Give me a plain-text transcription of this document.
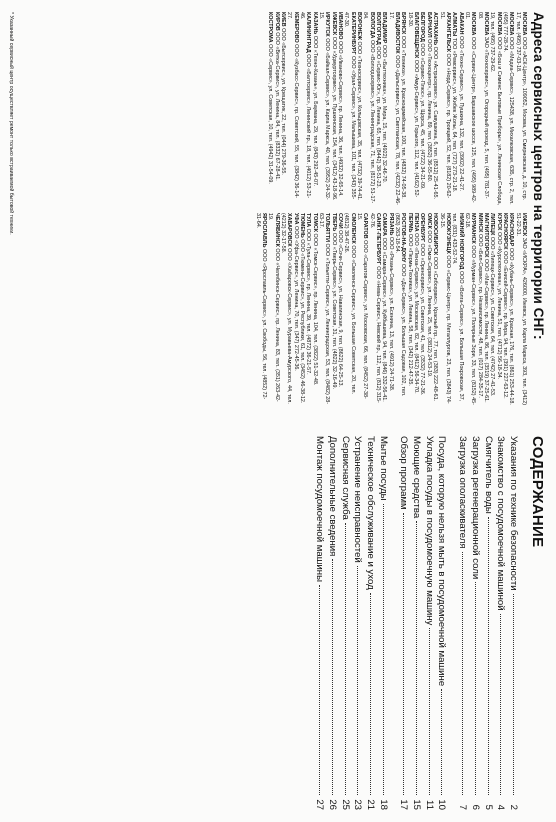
Адреса сервисных центров на территории СНГ:

МОСКВА ООО «АСК-Центр», 109052, Москва, ул. Смирновская, д. 10, стр. 17, тел. (495) 737-03-18.

МОСКВА ООО «Медиа-Сервис», 125438, ул. Михалковская, 63Б, стр. 2, тел. (495) 777-28-74.

МОСКВА ООО «Бош и Сименс Бытовые Приборы», ул. Ленинская Слобода, 19, тел. (495) 737-29-62.

МОСКВА ЗАО «Техносервис», ул. Огородный проезд, 5, тел. (495) 781-37-08.

МОСКВА ООО «Сервис-Центр», Варшавское шоссе, 125, тел. (495) 989-42-01.

АБАКАН ООО «Техно-Сервис», ул. Пушкина, 132, тел. (3902) 22-41-27.

АЛМАТЫ ТОО «Ремсервис», ул. Жибек Жолы, 64, тел. (727) 273-21-18.

АРХАНГЕЛЬСК ООО «Норд-Сервис», пр. Троицкий, 52, тел. (8182) 20-62-51.

АСТРАХАНЬ ООО «Астрасервис», ул. Савушкина, 6, тел. (8512) 25-41-65.

БАРНАУЛ ООО «Техноцентр», пр. Ленина, 89, тел. (3852) 36-55-80.

БЕЛГОРОД ООО «Сервис-Плюс», ул. Щорса, 45, тел. (4722) 34-21-09.

БЛАГОВЕЩЕНСК ООО «Амур-Сервис», ул. Горького, 112, тел. (4162) 52-18-30.

БРЯНСК ООО «Техника», ул. Красноармейская, 100, тел. (4832) 74-05-38.

ВЛАДИВОСТОК ООО «Дальсервис», ул. Светланская, 78, тел. (4232) 22-46-17.

ВЛАДИМИР ООО «Быттехника», ул. Мира, 15, тел. (4922) 32-46-70.

ВОЛГОГРАД ООО «Сервис-Юг», пр. Ленина, 65, тел. (8442) 38-51-23.

ВОЛОГДА ООО «Вологдасервис», ул. Ленинградская, 71, тел. (8172) 51-17-84.

ВОРОНЕЖ ООО «Техносервис», ул. Кольцовская, 35, тел. (4732) 39-74-41.

ЕКАТЕРИНБУРГ ООО «Урал-Сервис», ул. Малышева, 101, тел. (343) 355-47-30.

ИВАНОВО ООО «Иваново-Сервис», пр. Ленина, 36, тел. (4932) 32-65-14.

ИЖЕВСК ООО «Удмуртсервис», ул. Пушкинская, 154, тел. (3412) 43-18-96.

ИРКУТСК ООО «Байкал-Сервис», ул. Карла Маркса, 40, тел. (3952) 24-32-15.

КАЗАНЬ ООО «Техно-Казань», ул. Баумана, 29, тел. (843) 292-45-07.

КАЛИНИНГРАД ООО «Балтсервис», Ленинский пр., 18, тел. (4012) 53-21-46.

КЕМЕРОВО ООО «Кузбасс-Сервис», пр. Советский, 55, тел. (3842) 36-14-27.

КИЕВ ООО «Бытсервис», ул. Крещатик, 22, тел. (044) 279-36-55.

КИРОВ ООО «Вятка-Сервис», ул. Ленина, 84, тел. (8332) 67-28-41.

КОСТРОМА ООО «Сервис», ул. Советская, 10, тел. (4942) 31-54-09.

ИЖЕВСК ЗАО «ИСКРА», 426000, Ижевск, ул. Карла Маркса, 393, тел. (3412) 51-22-31.

КРАСНОДАР ООО «Кубань-Сервис», ул. Красная, 176, тел. (861) 253-44-18.

КРАСНОЯРСК ООО «Енисей-Сервис», пр. Мира, 94, тел. (391) 227-63-12.

КУРСК ООО «Курсктехника», ул. Ленина, 51, тел. (4712) 56-18-34.

ЛИПЕЦК ООО «Липецк-Сервис», ул. Советская, 64, тел. (4742) 27-41-53.

МАГНИТОГОРСК ООО «Маг-Сервис», пр. Ленина, 86, тел. (3519) 37-25-61.

МИНСК ООО «Бел-Сервис», пр. Независимости, 48, тел. (017) 284-35-17.

МУРМАНСК ООО «Мурман-Сервис», ул. Полярные Зори, 33, тел. (8152) 45-62-18.

НИЖНИЙ НОВГОРОД ООО «Волга-Сервис», ул. Большая Покровская, 37, тел. (831) 433-52-74.

НОВОКУЗНЕЦК ООО «Сервис-Центр», пр. Металлургов, 23, тел. (3843) 74-36-15.

НОВОСИБИРСК ООО «Сибсервис», Красный пр., 77, тел. (383) 222-48-61.

ОМСК ООО «Омск-Сервис», ул. Ленина, 25, тел. (3812) 24-53-19.

ОРЕНБУРГ ООО «Оренсервис», ул. Советская, 41, тел. (3532) 77-21-36.

ПЕНЗА ООО «Пенза-Сервис», ул. Московская, 82, тел. (8412) 56-34-70.

ПЕРМЬ ООО «Пермь-Техника», ул. Ленина, 58, тел. (342) 212-47-35.

РОСТОВ-НА-ДОНУ ООО «Дон-Сервис», ул. Большая Садовая, 102, тел. (863) 263-18-54.

РЯЗАНЬ ООО «Рязань-Сервис», ул. Есенина, 13, тел. (4912) 24-71-38.

САМАРА ООО «Самара-Сервис», ул. Куйбышева, 94, тел. (846) 332-56-41.

САНКТ-ПЕТЕРБУРГ ООО «Нева-Сервис», Невский пр., 112, тел. (812) 315-42-76.

САРАТОВ ООО «Саратов-Сервис», ул. Московская, 66, тел. (8452) 27-38-15.

СМОЛЕНСК ООО «Смоленск-Сервис», ул. Большая Советская, 20, тел. (4812) 38-47-26.

СОЧИ ООО «Сочи-Сервис», ул. Навагинская, 9, тел. (8622) 64-25-13.

ТВЕРЬ ООО «Тверь-Сервис», ул. Советская, 31, тел. (4822) 32-16-49.

ТОЛЬЯТТИ ООО «Тольятти-Сервис», ул. Ленинградская, 53, тел. (8482) 28-63-17.

ТОМСК ООО «Томск-Сервис», пр. Ленина, 104, тел. (3822) 51-32-48.

ТУЛА ООО «Тула-Сервис», пр. Ленина, 39, тел. (4872) 36-21-57.

ТЮМЕНЬ ООО «Тюмень-Сервис», ул. Республики, 61, тел. (3452) 46-38-12.

УФА ООО «Уфа-Сервис», ул. Ленина, 70, тел. (347) 272-45-36.

ХАБАРОВСК ООО «Хабаровск-Сервис», ул. Муравьева-Амурского, 44, тел. (4212) 32-17-58.

ЧЕЛЯБИНСК ООО «Челябинск-Сервис», пр. Ленина, 83, тел. (351) 263-42-19.

ЯРОСЛАВЛЬ ООО «Ярославль-Сервис», ул. Свободы, 56, тел. (4852) 72-31-64.

* Указанный сервисный центр осуществляет ремонт только встраиваемой бытовой техники.
СОДЕРЖАНИЕ
Указания по технике безопасности
2
Знакомство с посудомоечной машиной
4
Смягчитель воды
5
Загрузка регенерационной соли
6
Загрузка ополаскивателя
7
Посуда, которую нельзя мыть в посудомоечной машине
10
Укладка посуды в посудомоечную машину
11
Моющие средства
15
Обзор программ
17
Мытье посуды
18
Техническое обслуживание и уход
21
Устранение неисправностей
23
Сервисная служба
25
Дополнительные сведения
26
Монтаж посудомоечной машины
27
